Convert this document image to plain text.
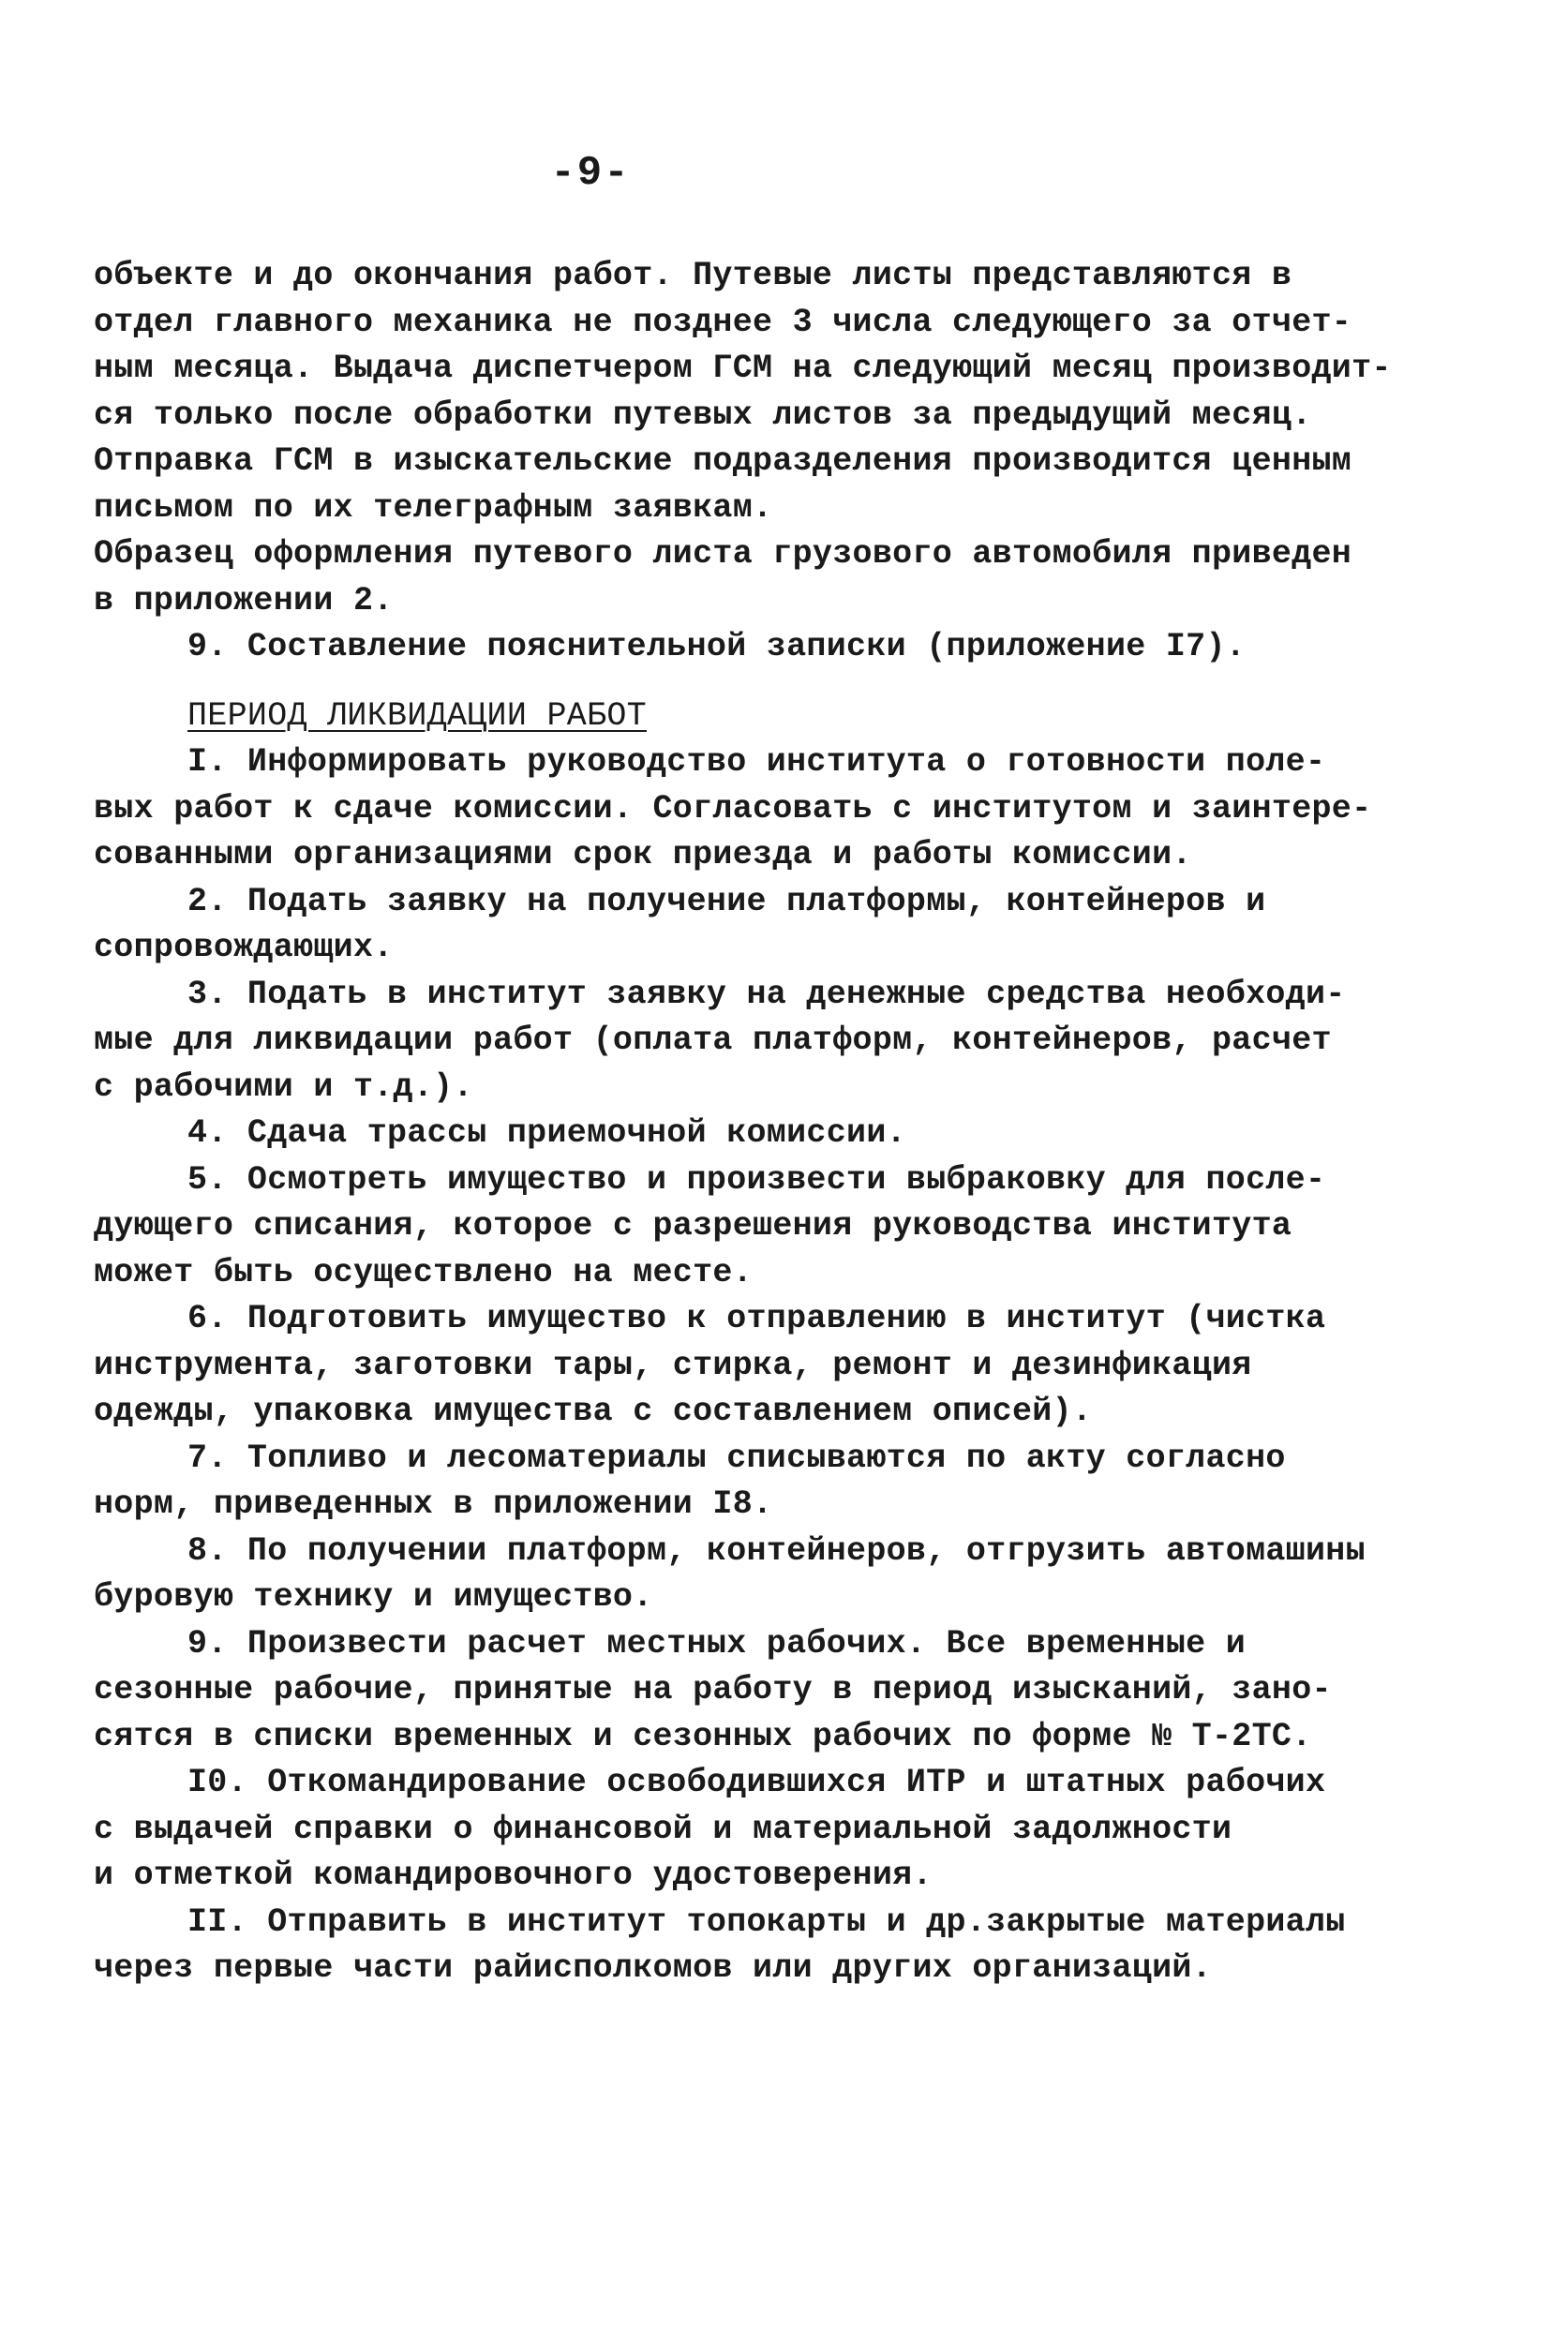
-9-
объекте и до окончания работ. Путевые листы представляются в
отдел главного механика не позднее 3 числа следующего за отчет-
ным месяца. Выдача диспетчером ГСМ на следующий месяц производит-
ся только после обработки путевых листов за предыдущий месяц.
Отправка ГСМ в изыскательские подразделения производится ценным
письмом по их телеграфным заявкам.
Образец оформления путевого листа грузового автомобиля приведен
в приложении 2.
9. Составление пояснительной записки (приложение I7).
ПЕРИОД ЛИКВИДАЦИИ РАБОТ
I. Информировать руководство института о готовности поле-
вых работ к сдаче комиссии. Согласовать с институтом и заинтере-
сованными организациями срок приезда и работы комиссии.
2. Подать заявку на получение платформы, контейнеров и
сопровождающих.
3. Подать в институт заявку на денежные средства необходи-
мые для ликвидации работ (оплата платформ, контейнеров, расчет
с рабочими и т.д.).
4. Сдача трассы приемочной комиссии.
5. Осмотреть имущество и произвести выбраковку для после-
дующего списания, которое с разрешения руководства института
может быть осуществлено на месте.
6. Подготовить имущество к отправлению в институт (чистка
инструмента, заготовки тары, стирка, ремонт и дезинфикация
одежды, упаковка имущества с составлением описей).
7. Топливо и лесоматериалы списываются по акту согласно
норм, приведенных в приложении I8.
8. По получении платформ, контейнеров, отгрузить автомашины
буровую технику и имущество.
9. Произвести расчет местных рабочих. Все временные и
сезонные рабочие, принятые на работу в период изысканий, зано-
сятся в списки временных и сезонных рабочих по форме № Т-2ТС.
I0. Откомандирование освободившихся ИТР и штатных рабочих
с выдачей справки о финансовой и материальной задолжности
и отметкой командировочного удостоверения.
II. Отправить в институт топокарты и др.закрытые материалы
через первые части райисполкомов или других организаций.
